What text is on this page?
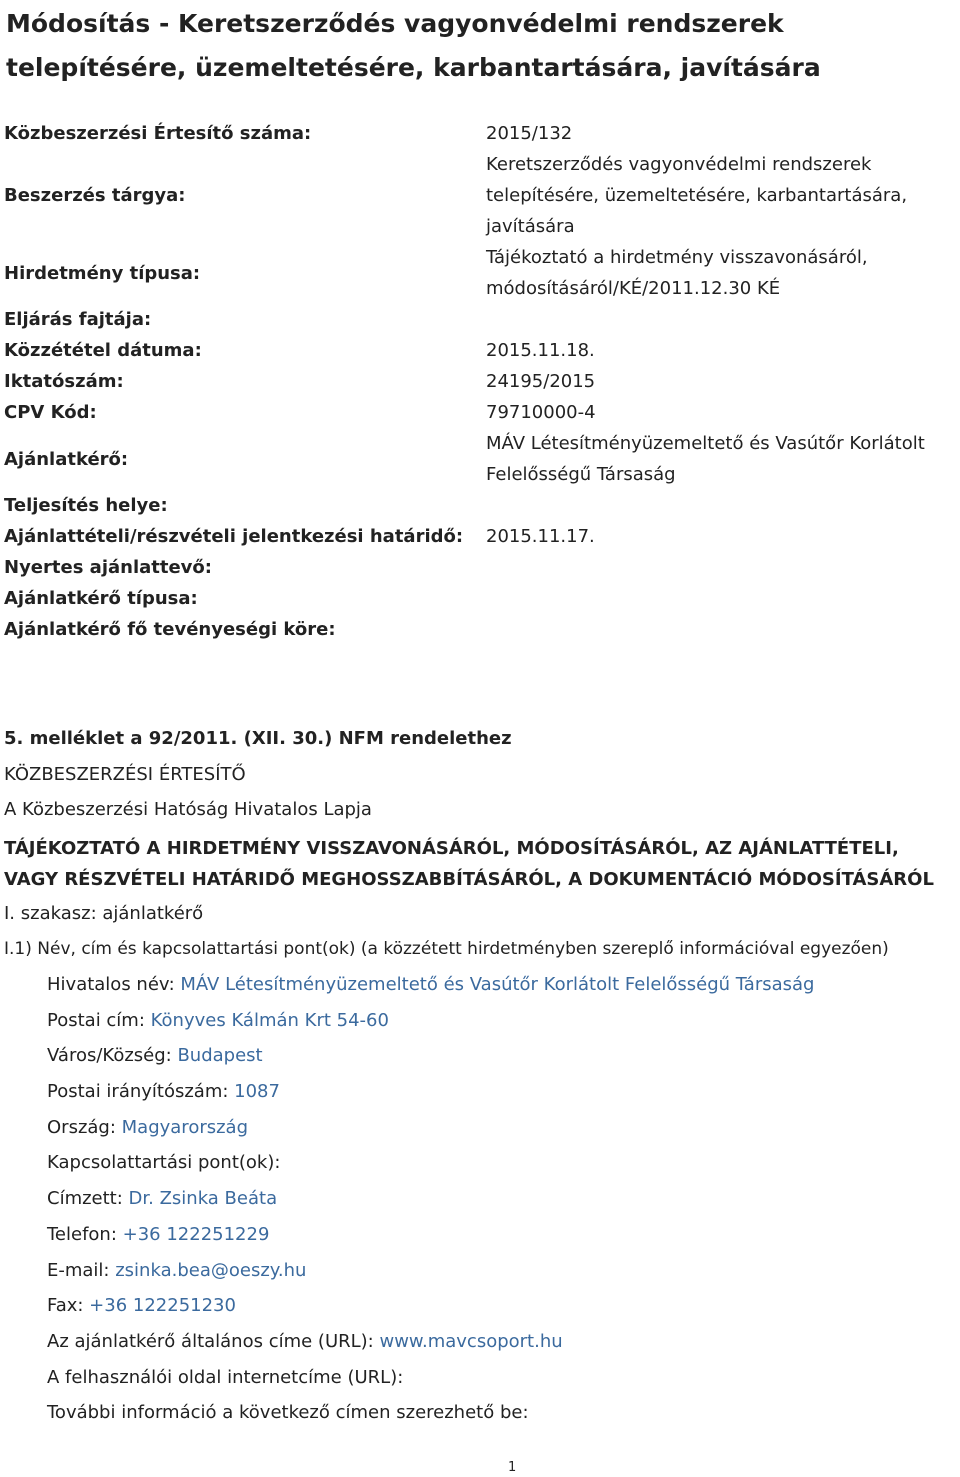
Módosítás - Keretszerződés vagyonvédelmi rendszerek telepítésére, üzemeltetésére, karbantartására, javítására
Közbeszerzési Értesítő száma:	2015/132
Beszerzés tárgya:
Keretszerződés vagyonvédelmi rendszerek telepítésére, üzemeltetésére, karbantartására, javítására
Hirdetmény típusa:
Tájékoztató a hirdetmény visszavonásáról, módosításáról/KÉ/2011.12.30 KÉ
Eljárás fajtája:
Közzététel dátuma:	2015.11.18.
Iktatószám:	24195/2015
CPV Kód:	79710000-4
Ajánlatkérő:
MÁV Létesítményüzemeltető és Vasútőr Korlátolt Felelősségű Társaság
Teljesítés helye:
Ajánlattételi/részvételi jelentkezési határidő:	2015.11.17.
Nyertes ajánlattevő:
Ajánlatkérő típusa:
Ajánlatkérő fő tevényeségi köre:
5. melléklet a 92/2011. (XII. 30.) NFM rendelethez
KÖZBESZERZÉSI ÉRTESÍTŐ
A Közbeszerzési Hatóság Hivatalos Lapja
TÁJÉKOZTATÓ A HIRDETMÉNY VISSZAVONÁSÁRÓL, MÓDOSÍTÁSÁRÓL, AZ AJÁNLATTÉTELI, VAGY RÉSZVÉTELI HATÁRIDŐ MEGHOSSZABBÍTÁSÁRÓL, A DOKUMENTÁCIÓ MÓDOSÍTÁSÁRÓL
I. szakasz: ajánlatkérő
I.1) Név, cím és kapcsolattartási pont(ok) (a közzétett hirdetményben szereplő információval egyezően)
Hivatalos név: MÁV Létesítményüzemeltető és Vasútőr Korlátolt Felelősségű Társaság
Postai cím: Könyves Kálmán Krt 54-60
Város/Község: Budapest
Postai irányítószám: 1087
Ország: Magyarország
Kapcsolattartási pont(ok):
Címzett: Dr. Zsinka Beáta
Telefon: +36 122251229
E-mail: zsinka.bea@oeszy.hu
Fax: +36 122251230
Az ajánlatkérő általános címe (URL): www.mavcsoport.hu
A felhasználói oldal internetcíme (URL):
További információ a következő címen szerezhető be:
1
